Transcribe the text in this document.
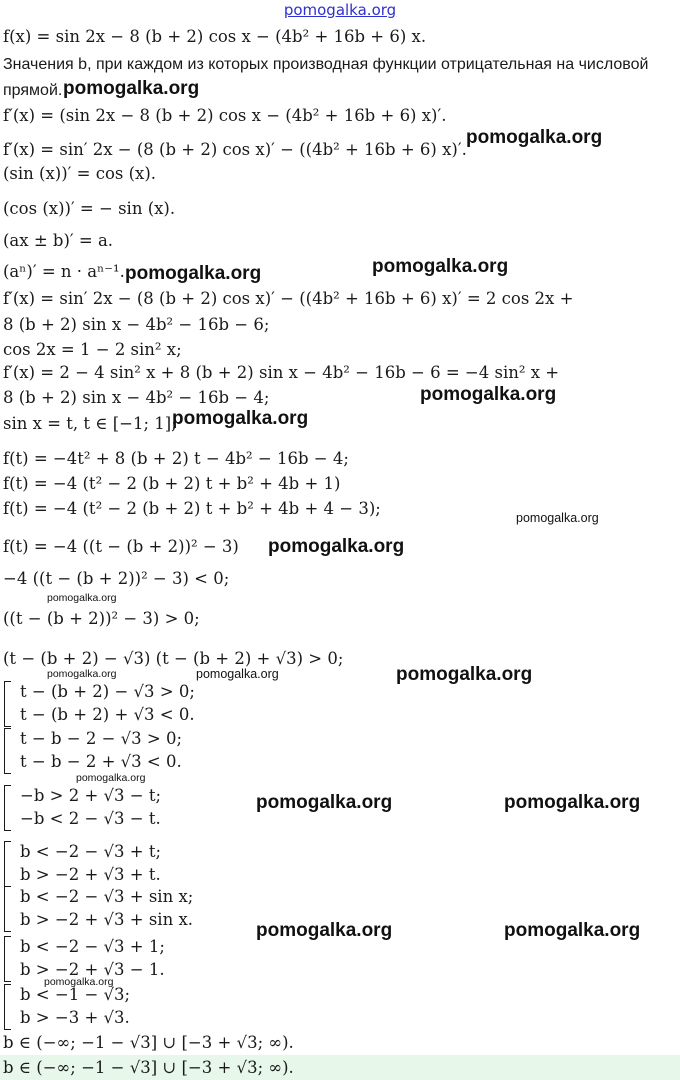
pomogalka.org
f(x) = sin 2x − 8 (b + 2) cos x − (4b² + 16b + 6) x.
Значения b, при каждом из которых производная функции отрицательная на числовой
прямой.
f′(x) = (sin 2x − 8 (b + 2) cos x − (4b² + 16b + 6) x)′.
f′(x) = sin′ 2x − (8 (b + 2) cos x)′ − ((4b² + 16b + 6) x)′.
(sin (x))′ = cos (x).
(cos (x))′ = − sin (x).
(ax ± b)′ = a.
(aⁿ)′ = n · aⁿ⁻¹.
f′(x) = sin′ 2x − (8 (b + 2) cos x)′ − ((4b² + 16b + 6) x)′ = 2 cos 2x +
8 (b + 2) sin x − 4b² − 16b − 6;
cos 2x = 1 − 2 sin² x;
f′(x) = 2 − 4 sin² x + 8 (b + 2) sin x − 4b² − 16b − 6 = −4 sin² x +
8 (b + 2) sin x − 4b² − 16b − 4;
sin x = t, t ∈ [−1; 1];
f(t) = −4t² + 8 (b + 2) t − 4b² − 16b − 4;
f(t) = −4 (t² − 2 (b + 2) t + b² + 4b + 1)
f(t) = −4 (t² − 2 (b + 2) t + b² + 4b + 4 − 3);
f(t) = −4 ((t − (b + 2))² − 3)
−4 ((t − (b + 2))² − 3) < 0;
((t − (b + 2))² − 3) > 0;
(t − (b + 2) − √3) (t − (b + 2) + √3) > 0;
t − (b + 2) − √3 > 0;
t − (b + 2) + √3 < 0.
t − b − 2 − √3 > 0;
t − b − 2 + √3 < 0.
−b > 2 + √3 − t;
−b < 2 − √3 − t.
b < −2 − √3 + t;
b > −2 + √3 + t.
b < −2 − √3 + sin x;
b > −2 + √3 + sin x.
b < −2 − √3 + 1;
b > −2 + √3 − 1.
b < −1 − √3;
b > −3 + √3.
b ∈ (−∞; −1 − √3] ∪ [−3 + √3; ∞).
b ∈ (−∞; −1 − √3] ∪ [−3 + √3; ∞).
pomogalka.org
pomogalka.org
pomogalka.org	pomogalka.org
pomogalka.org
pomogalka.org
pomogalka.org
pomogalka.org
pomogalka.org
pomogalka.org	pomogalka.org	pomogalka.org
pomogalka.org
pomogalka.org	pomogalka.org
pomogalka.org	pomogalka.org
pomogalka.org
